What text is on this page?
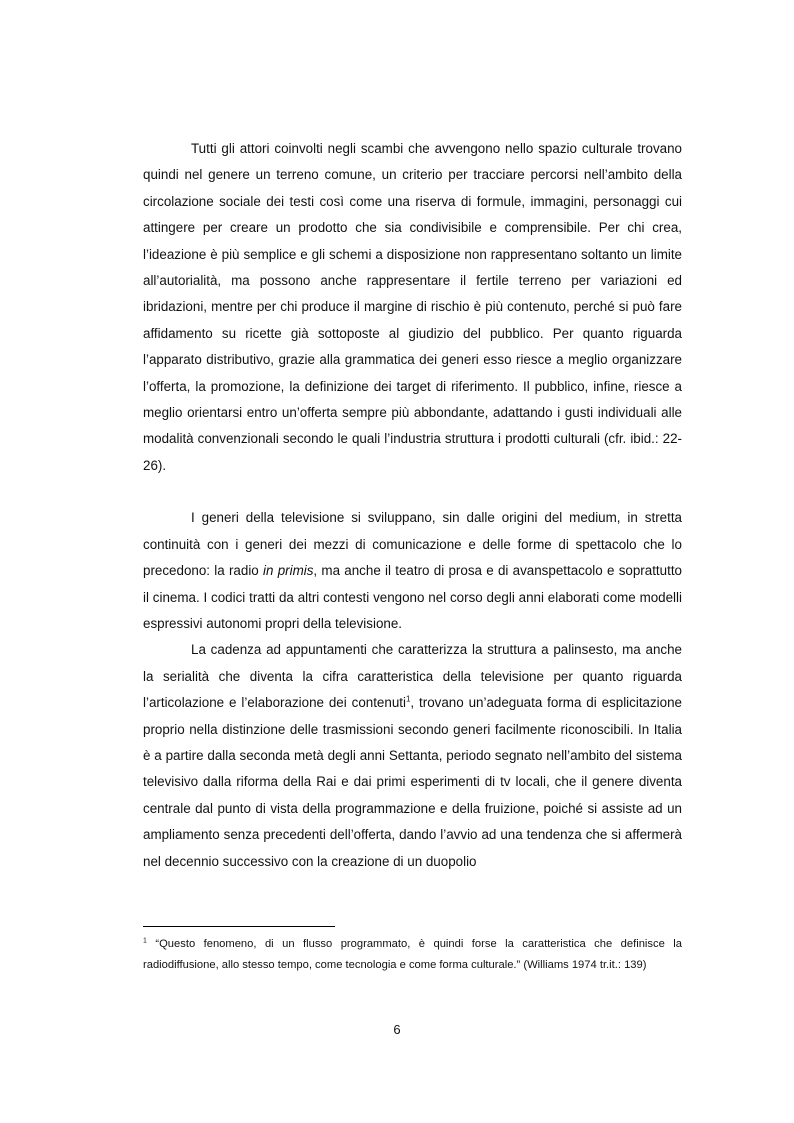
Tutti gli attori coinvolti negli scambi che avvengono nello spazio culturale trovano quindi nel genere un terreno comune, un criterio per tracciare percorsi nell’ambito della circolazione sociale dei testi così come una riserva di formule, immagini, personaggi cui attingere per creare un prodotto che sia condivisibile e comprensibile. Per chi crea, l’ideazione è più semplice e gli schemi a disposizione non rappresentano soltanto un limite all’autorialità, ma possono anche rappresentare il fertile terreno per variazioni ed ibridazioni, mentre per chi produce il margine di rischio è più contenuto, perché si può fare affidamento su ricette già sottoposte al giudizio del pubblico. Per quanto riguarda l’apparato distributivo, grazie alla grammatica dei generi esso riesce a meglio organizzare l’offerta, la promozione, la definizione dei target di riferimento. Il pubblico, infine, riesce a meglio orientarsi entro un’offerta sempre più abbondante, adattando i gusti individuali alle modalità convenzionali secondo le quali l’industria struttura i prodotti culturali (cfr. ibid.: 22-26).

I generi della televisione si sviluppano, sin dalle origini del medium, in stretta continuità con i generi dei mezzi di comunicazione e delle forme di spettacolo che lo precedono: la radio in primis, ma anche il teatro di prosa e di avanspettacolo e soprattutto il cinema. I codici tratti da altri contesti vengono nel corso degli anni elaborati come modelli espressivi autonomi propri della televisione.

La cadenza ad appuntamenti che caratterizza la struttura a palinsesto, ma anche la serialità che diventa la cifra caratteristica della televisione per quanto riguarda l’articolazione e l’elaborazione dei contenuti$^1$, trovano un’adeguata forma di esplicitazione proprio nella distinzione delle trasmissioni secondo generi facilmente riconoscibili. In Italia è a partire dalla seconda metà degli anni Settanta, periodo segnato nell’ambito del sistema televisivo dalla riforma della Rai e dai primi esperimenti di tv locali, che il genere diventa centrale dal punto di vista della programmazione e della fruizione, poiché si assiste ad un ampliamento senza precedenti dell’offerta, dando l’avvio ad una tendenza che si affermerà nel decennio successivo con la creazione di un duopolio

$^1$ “Questo fenomeno, di un flusso programmato, è quindi forse la caratteristica che definisce la radiodiffusione, allo stesso tempo, come tecnologia e come forma culturale.” (Williams 1974 tr.it.: 139)

6
